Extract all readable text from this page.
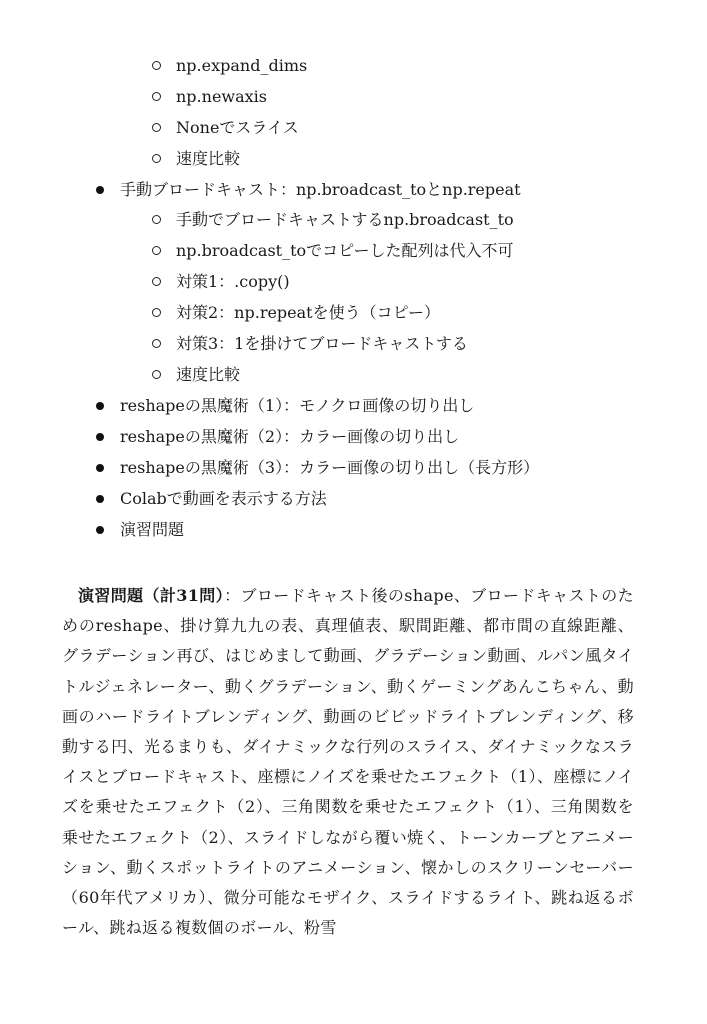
np.expand_dims
np.newaxis
Noneでスライス
速度比較
手動ブロードキャスト：np.broadcast_toとnp.repeat
手動でブロードキャストするnp.broadcast_to
np.broadcast_toでコピーした配列は代入不可
対策1：.copy()
対策2：np.repeatを使う（コピー）
対策3：1を掛けてブロードキャストする
速度比較
reshapeの黒魔術（1）：モノクロ画像の切り出し
reshapeの黒魔術（2）：カラー画像の切り出し
reshapeの黒魔術（3）：カラー画像の切り出し（長方形）
Colabで動画を表示する方法
演習問題

演習問題（計31問）：ブロードキャスト後のshape、ブロードキャストのためのreshape、掛け算九九の表、真理値表、駅間距離、都市間の直線距離、グラデーション再び、はじめまして動画、グラデーション動画、ルパン風タイトルジェネレーター、動くグラデーション、動くゲーミングあんこちゃん、動画のハードライトブレンディング、動画のビビッドライトブレンディング、移動する円、光るまりも、ダイナミックな行列のスライス、ダイナミックなスライスとブロードキャスト、座標にノイズを乗せたエフェクト（1）、座標にノイズを乗せたエフェクト（2）、三角関数を乗せたエフェクト（1）、三角関数を乗せたエフェクト（2）、スライドしながら覆い焼く、トーンカーブとアニメーション、動くスポットライトのアニメーション、懐かしのスクリーンセーバー（60年代アメリカ）、微分可能なモザイク、スライドするライト、跳ね返るボール、跳ね返る複数個のボール、粉雪
